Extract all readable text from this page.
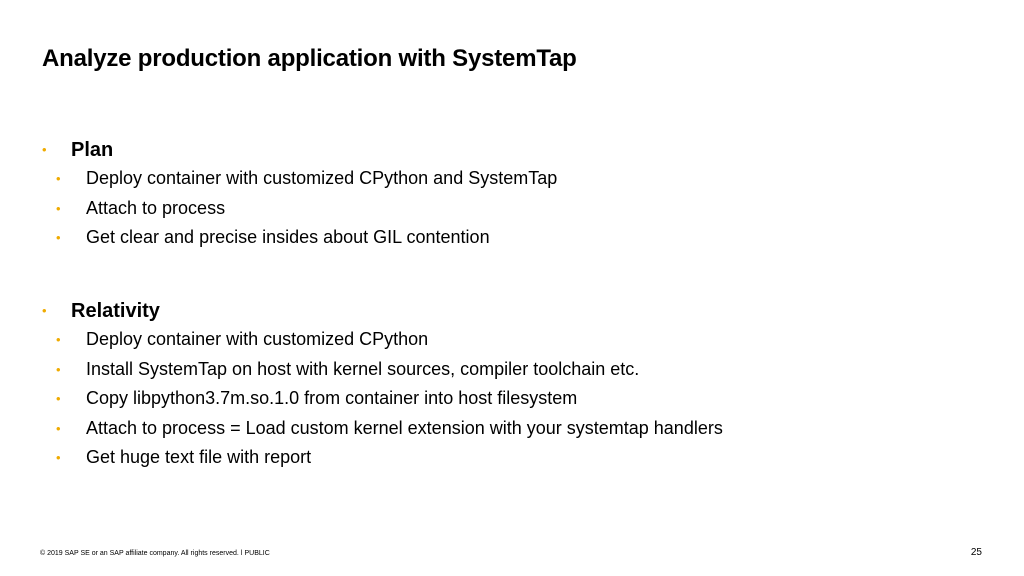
Analyze production application with SystemTap
•	Plan
•	Deploy container with customized CPython and SystemTap
•	Attach to process
•	Get clear and precise insides about GIL contention
•	Relativity
•	Deploy container with customized CPython
•	Install SystemTap on host with kernel sources, compiler toolchain etc.
•	Copy libpython3.7m.so.1.0 from container into host filesystem
•	Attach to process = Load custom kernel extension with your systemtap handlers
•	Get huge text file with report
© 2019 SAP SE or an SAP affiliate company. All rights reserved. ǀ PUBLIC	25
